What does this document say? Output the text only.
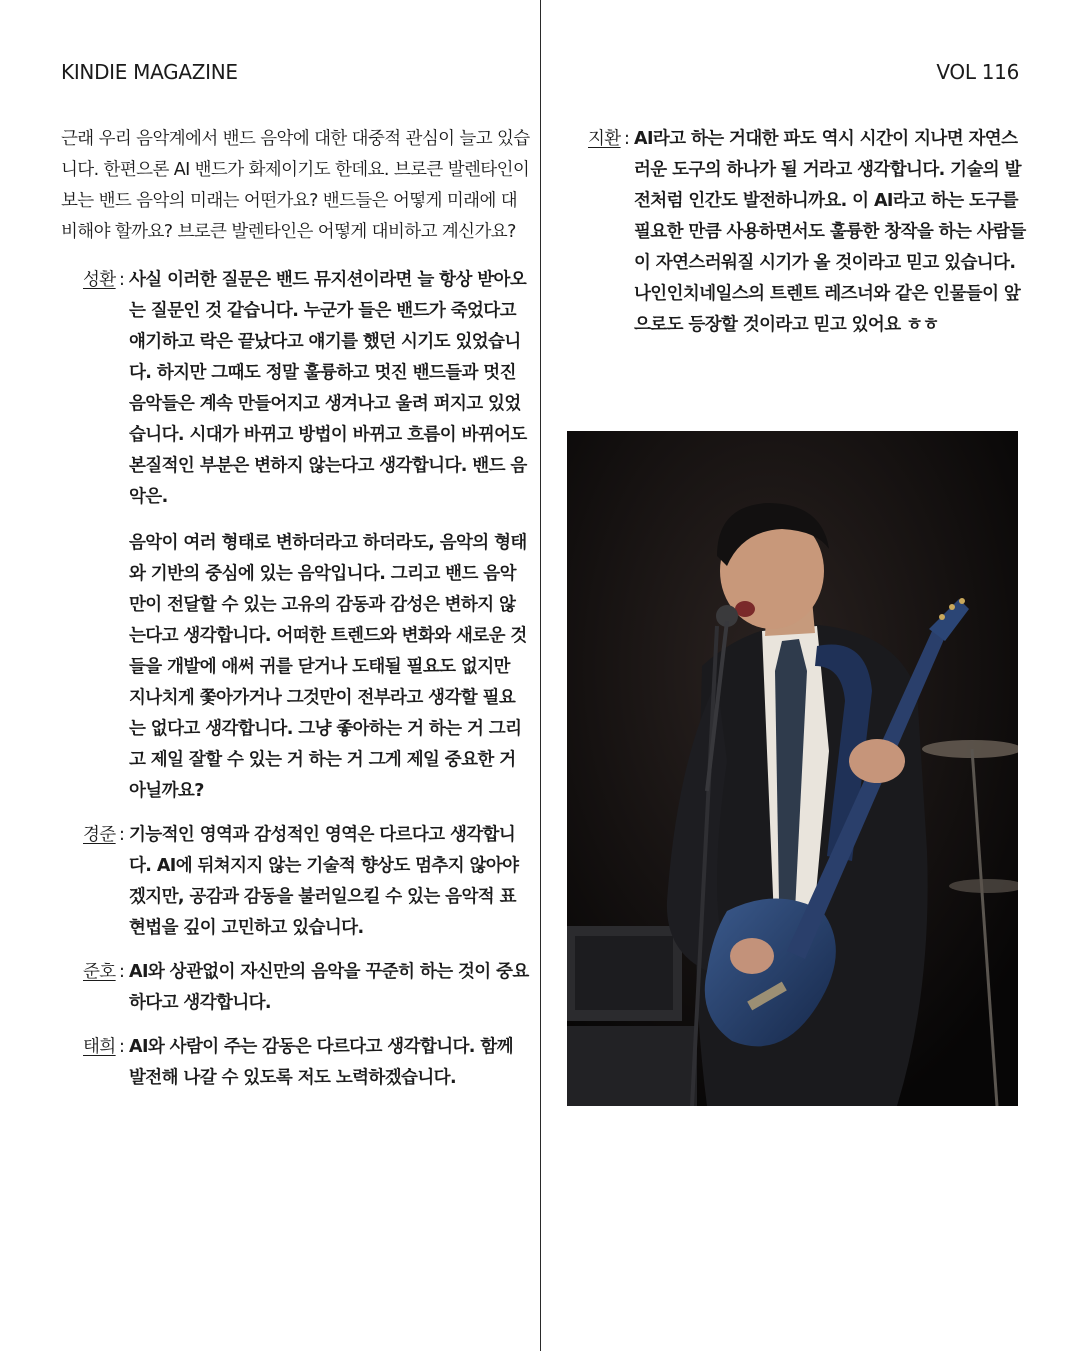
KINDIE MAGAZINE	VOL 116

근래 우리 음악계에서 밴드 음악에 대한 대중적 관심이 늘고 있습니다. 한편으론 AI 밴드가 화제이기도 한데요. 브로큰 발렌타인이 보는 밴드 음악의 미래는 어떤가요? 밴드들은 어떻게 미래에 대비해야 할까요? 브로큰 발렌타인은 어떻게 대비하고 계신가요?

성환 : 사실 이러한 질문은 밴드 뮤지션이라면 늘 항상 받아오는 질문인 것 같습니다. 누군가 들은 밴드가 죽었다고 얘기하고 락은 끝났다고 얘기를 했던 시기도 있었습니다. 하지만 그때도 정말 훌륭하고 멋진 밴드들과 멋진 음악들은 계속 만들어지고 생겨나고 울려 퍼지고 있었습니다. 시대가 바뀌고 방법이 바뀌고 흐름이 바뀌어도 본질적인 부분은 변하지 않는다고 생각합니다. 밴드 음악은.

음악이 여러 형태로 변하더라고 하더라도, 음악의 형태와 기반의 중심에 있는 음악입니다. 그리고 밴드 음악 만이 전달할 수 있는 고유의 감동과 감성은 변하지 않는다고 생각합니다. 어떠한 트렌드와 변화와 새로운 것들을 개발에 애써 귀를 닫거나 도태될 필요도 없지만 지나치게 쫓아가거나 그것만이 전부라고 생각할 필요는 없다고 생각합니다. 그냥 좋아하는 거 하는 거 그리고 제일 잘할 수 있는 거 하는 거 그게 제일 중요한 거 아닐까요?

경준 : 기능적인 영역과 감성적인 영역은 다르다고 생각합니다. AI에 뒤쳐지지 않는 기술적 향상도 멈추지 않아야겠지만, 공감과 감동을 불러일으킬 수 있는 음악적 표현법을 깊이 고민하고 있습니다.

준호 : AI와 상관없이 자신만의 음악을 꾸준히 하는 것이 중요하다고 생각합니다.

태희 : AI와 사람이 주는 감동은 다르다고 생각합니다. 함께 발전해 나갈 수 있도록 저도 노력하겠습니다.

지환 : AI라고 하는 거대한 파도 역시 시간이 지나면 자연스러운 도구의 하나가 될 거라고 생각합니다. 기술의 발전처럼 인간도 발전하니까요. 이 AI라고 하는 도구를 필요한 만큼 사용하면서도 훌륭한 창작을 하는 사람들이 자연스러워질 시기가 올 것이라고 믿고 있습니다. 나인인치네일스의 트렌트 레즈너와 같은 인물들이 앞으로도 등장할 것이라고 믿고 있어요 ㅎㅎ
